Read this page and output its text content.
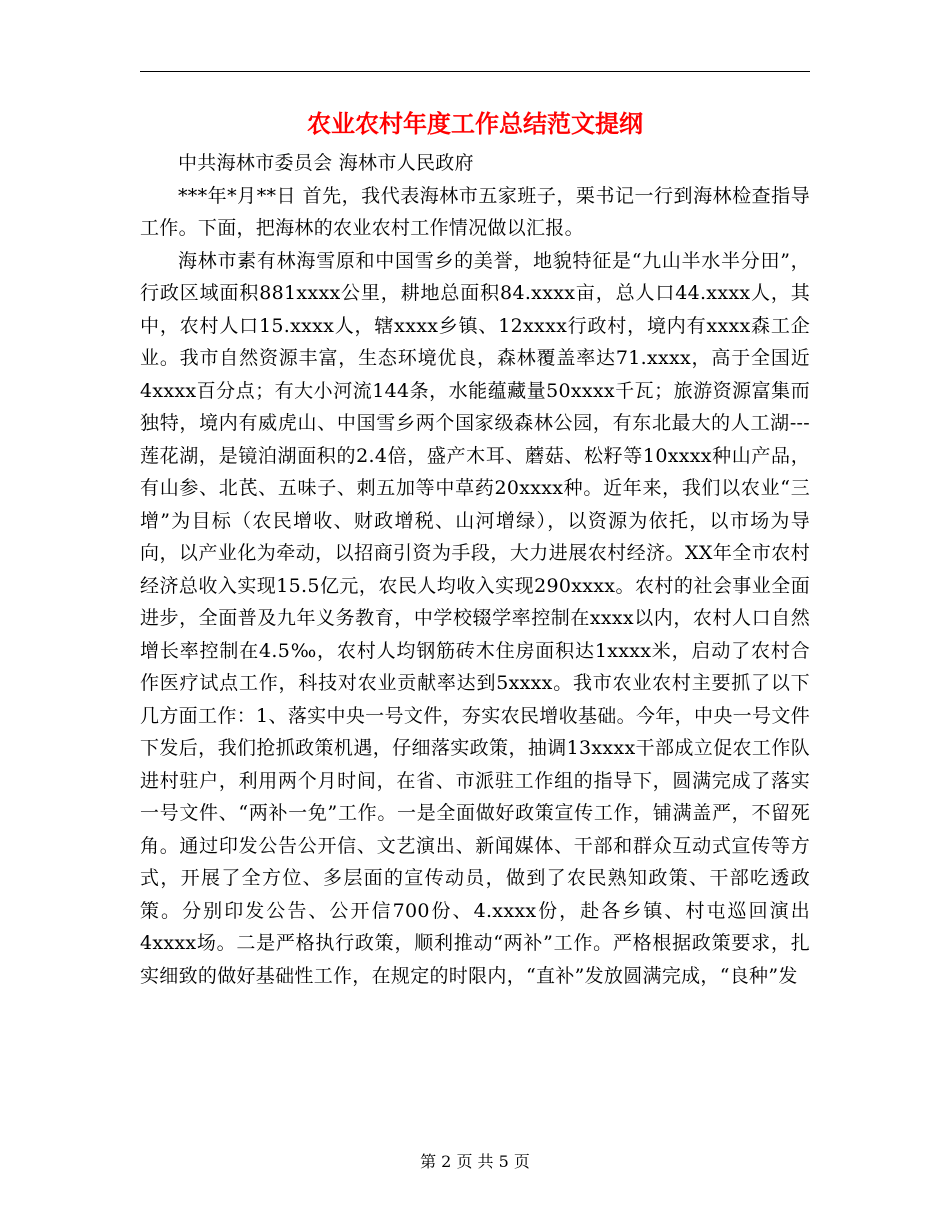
农业农村年度工作总结范文提纲

中共海林市委员会 海林市人民政府

***年*月**日 首先，我代表海林市五家班子，栗书记一行到海林检查指导工作。下面，把海林的农业农村工作情况做以汇报。

海林市素有林海雪原和中国雪乡的美誉，地貌特征是“九山半水半分田”，行政区域面积881xxxx公里，耕地总面积84.xxxx亩，总人口44.xxxx人，其中，农村人口15.xxxx人，辖xxxx乡镇、12xxxx行政村，境内有xxxx森工企业。我市自然资源丰富，生态环境优良，森林覆盖率达71.xxxx，高于全国近4xxxx百分点；有大小河流144条，水能蕴藏量50xxxx千瓦；旅游资源富集而独特，境内有威虎山、中国雪乡两个国家级森林公园，有东北最大的人工湖---莲花湖，是镜泊湖面积的2.4倍，盛产木耳、蘑菇、松籽等10xxxx种山产品，有山参、北芪、五味子、刺五加等中草药20xxxx种。近年来，我们以农业“三增”为目标（农民增收、财政增税、山河增绿），以资源为依托，以市场为导向，以产业化为牵动，以招商引资为手段，大力进展农村经济。XX年全市农村经济总收入实现15.5亿元，农民人均收入实现290xxxx。农村的社会事业全面进步，全面普及九年义务教育，中学校辍学率控制在xxxx以内，农村人口自然增长率控制在4.5‰，农村人均钢筋砖木住房面积达1xxxx米，启动了农村合作医疗试点工作，科技对农业贡献率达到5xxxx。我市农业农村主要抓了以下几方面工作：1、落实中央一号文件，夯实农民增收基础。今年，中央一号文件下发后，我们抢抓政策机遇，仔细落实政策，抽调13xxxx干部成立促农工作队进村驻户，利用两个月时间，在省、市派驻工作组的指导下，圆满完成了落实一号文件、“两补一免”工作。一是全面做好政策宣传工作，铺满盖严，不留死角。通过印发公告公开信、文艺演出、新闻媒体、干部和群众互动式宣传等方式，开展了全方位、多层面的宣传动员，做到了农民熟知政策、干部吃透政策。分别印发公告、公开信700份、4.xxxx份，赴各乡镇、村屯巡回演出4xxxx场。二是严格执行政策，顺利推动“两补”工作。严格根据政策要求，扎实细致的做好基础性工作，在规定的时限内，“直补”发放圆满完成，“良种”发

第 2 页 共 5 页
